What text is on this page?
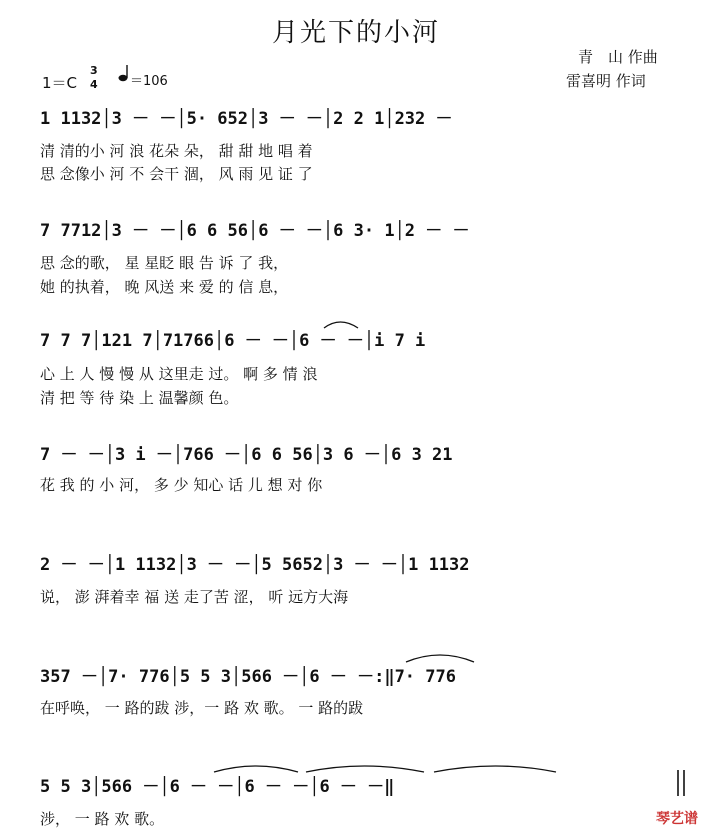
月光下的小河
青　山 作曲
雷喜明 作词
1＝C
3
4 ＝106
1 1132│3 － －│5· 652│3 － －│2 2 1│232 －
清 清的小 河 浪 花朵 朵， 甜 甜 地 唱 着
思 念像小 河 不 会干 涸， 风 雨 见 证 了
7 7712│3 － －│6 6 56│6 － －│6 3· 1│2 － －
思 念的歌， 星 星眨 眼 告 诉 了 我，
她 的执着， 晚 风送 来 爱 的 信 息，
7 7 7│121 7│71766│6 － －│6 － －│i 7 i
心 上 人 慢 慢 从 这里走 过。 啊 多 情 浪
清 把 等 待 染 上 温馨颜 色。
7 － －│3 i －│766 －│6 6 56│3 6 －│6 3 21
花 我 的 小 河， 多 少 知心 话 儿 想 对 你
2 － －│1 1132│3 － －│5 5652│3 － －│1 1132
说， 澎 湃着幸 福 送 走了苦 涩， 听 远方大海
357 －│7· 776│5 5 3│566 －│6 － －:‖7· 776
在呼唤， 一 路的跋 涉，一 路 欢 歌。 一 路的跋
5 5 3│566 －│6 － －│6 － －│6 － －‖
涉， 一 路 欢 歌。	琴艺谱
